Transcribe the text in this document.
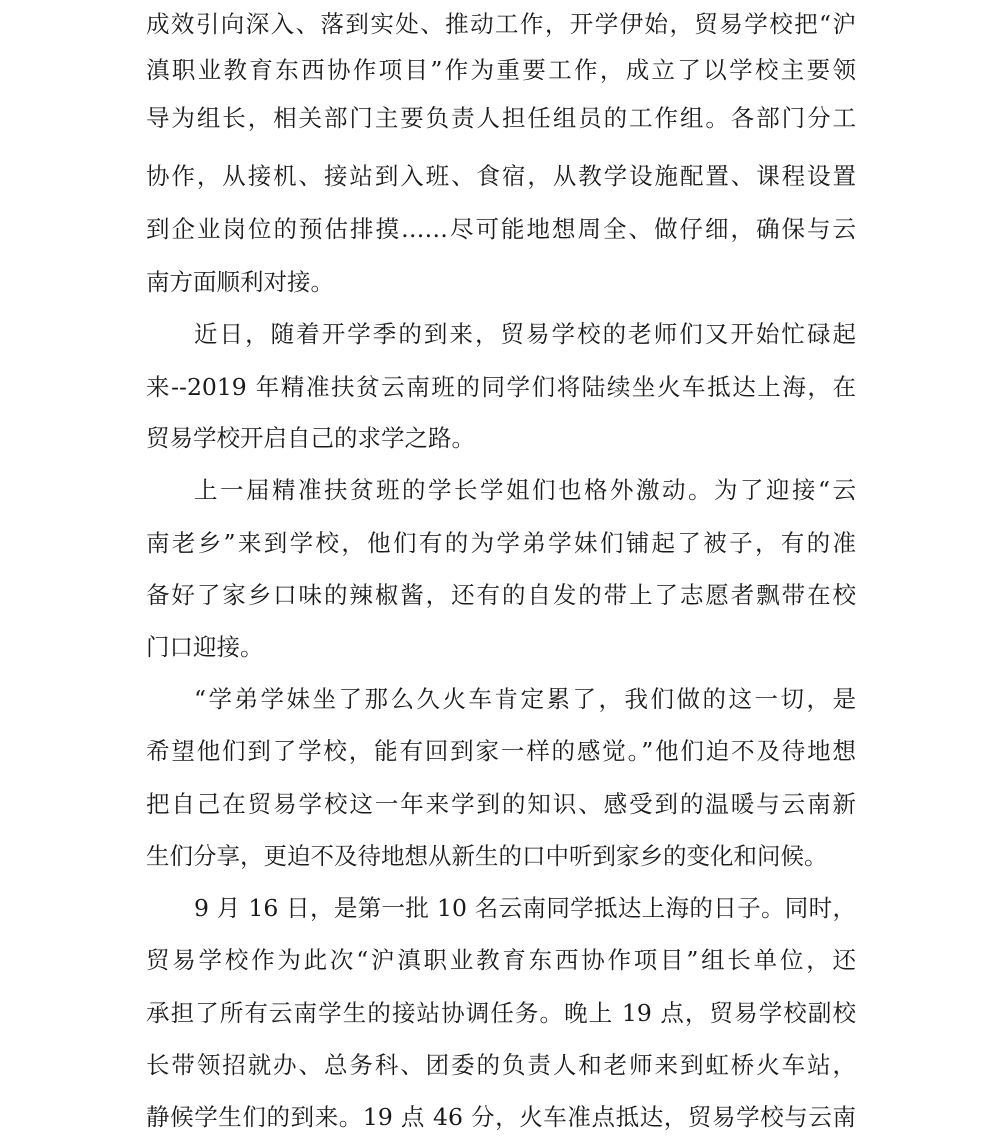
成效引向深入、落到实处、推动工作，开学伊始，贸易学校把“沪
滇职业教育东西协作项目”作为重要工作，成立了以学校主要领
导为组长，相关部门主要负责人担任组员的工作组。各部门分工
协作，从接机、接站到入班、食宿，从教学设施配置、课程设置
到企业岗位的预估排摸……尽可能地想周全、做仔细，确保与云
南方面顺利对接。
近日，随着开学季的到来，贸易学校的老师们又开始忙碌起
来--2019 年精准扶贫云南班的同学们将陆续坐火车抵达上海，在
贸易学校开启自己的求学之路。
上一届精准扶贫班的学长学姐们也格外激动。为了迎接“云
南老乡”来到学校，他们有的为学弟学妹们铺起了被子，有的准
备好了家乡口味的辣椒酱，还有的自发的带上了志愿者飘带在校
门口迎接。
“学弟学妹坐了那么久火车肯定累了，我们做的这一切，是
希望他们到了学校，能有回到家一样的感觉。”他们迫不及待地想
把自己在贸易学校这一年来学到的知识、感受到的温暖与云南新
生们分享，更迫不及待地想从新生的口中听到家乡的变化和问候。
9 月 16 日，是第一批 10 名云南同学抵达上海的日子。同时，
贸易学校作为此次“沪滇职业教育东西协作项目”组长单位，还
承担了所有云南学生的接站协调任务。晚上 19 点，贸易学校副校
长带领招就办、总务科、团委的负责人和老师来到虹桥火车站，
静候学生们的到来。19 点 46 分，火车准点抵达，贸易学校与云南
